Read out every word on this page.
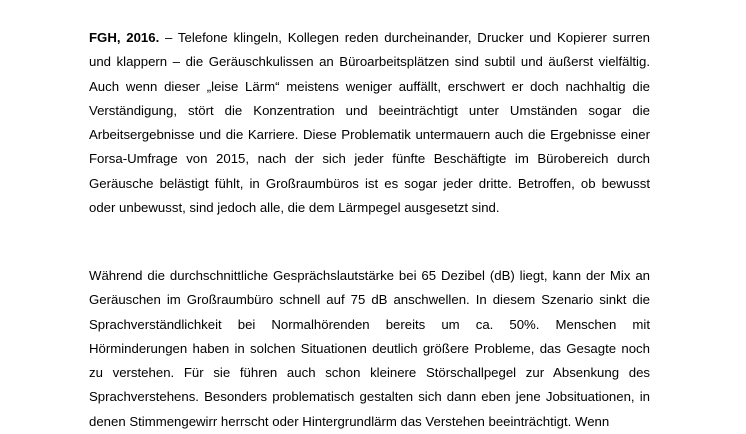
FGH, 2016. – Telefone klingeln, Kollegen reden durcheinander, Drucker und Kopierer surren und klappern – die Geräuschkulissen an Büroarbeitsplätzen sind subtil und äußerst vielfältig. Auch wenn dieser „leise Lärm“ meistens weniger auffällt, erschwert er doch nachhaltig die Verständigung, stört die Konzentration und beeinträchtigt unter Umständen sogar die Arbeitsergebnisse und die Karriere. Diese Problematik untermauern auch die Ergebnisse einer Forsa-Umfrage von 2015, nach der sich jeder fünfte Beschäftigte im Bürobereich durch Geräusche belästigt fühlt, in Großraumbüros ist es sogar jeder dritte. Betroffen, ob bewusst oder unbewusst, sind jedoch alle, die dem Lärmpegel ausgesetzt sind.

Während die durchschnittliche Gesprächslautstärke bei 65 Dezibel (dB) liegt, kann der Mix an Geräuschen im Großraumbüro schnell auf 75 dB anschwellen. In diesem Szenario sinkt die Sprachverständlichkeit bei Normalhörenden bereits um ca. 50%. Menschen mit Hörminderungen haben in solchen Situationen deutlich größere Probleme, das Gesagte noch zu verstehen. Für sie führen auch schon kleinere Störschallpegel zur Absenkung des Sprachverstehens. Besonders problematisch gestalten sich dann eben jene Jobsituationen, in denen Stimmengewirr herrscht oder Hintergrundlärm das Verstehen beeinträchtigt. Wenn
